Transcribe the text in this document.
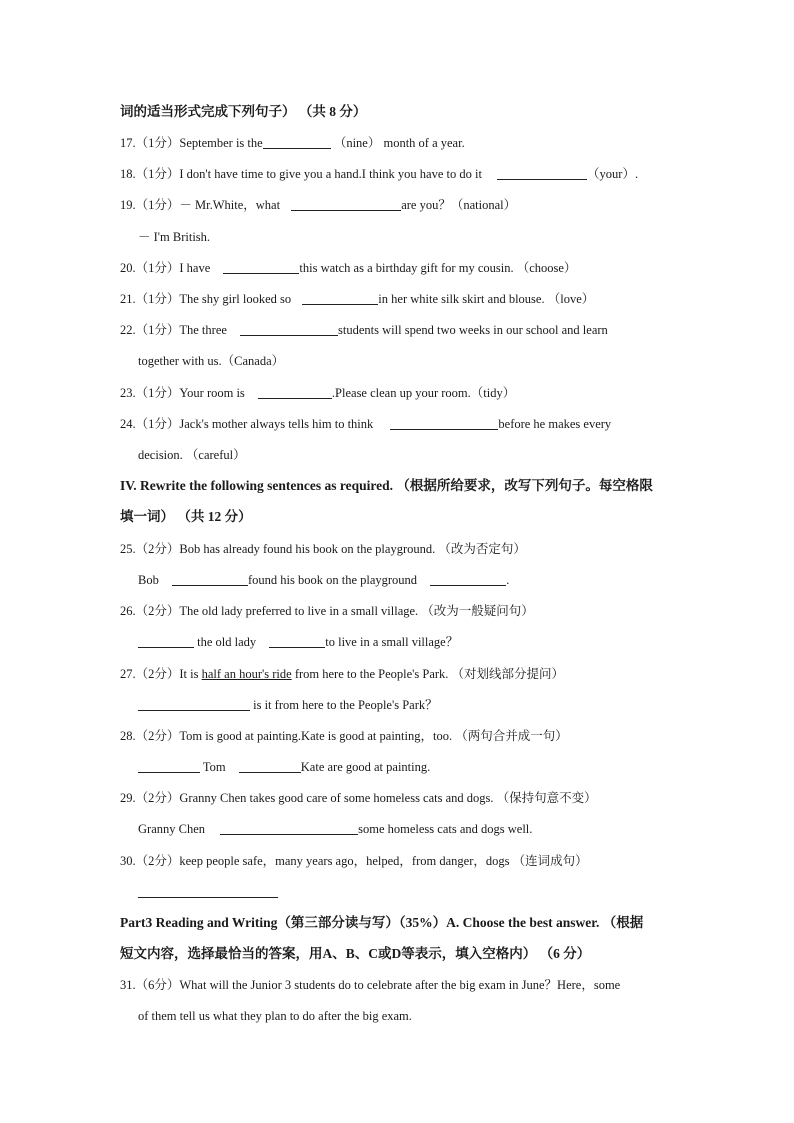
词的适当形式完成下列句子） （共 8 分）
17.（1分）September is the	（nine） month of a year.
18.（1分）I don't have time to give you a hand.I think you have to do it	（your）.
19.（1分）－ Mr.White，what	are you？（national）
－ I'm British.
20.（1分）I have	this watch as a birthday gift for my cousin. （choose）
21.（1分）The shy girl looked so	in her white silk skirt and blouse. （love）
22.（1分）The three	students will spend two weeks in our school and learn
together with us.（Canada）
23.（1分）Your room is	.Please clean up your room.（tidy）
24.（1分）Jack's mother always tells him to think	before he makes every
decision. （careful）
IV. Rewrite the following sentences as required. （根据所给要求，改写下列句子。每空格限
填一词） （共 12 分）
25.（2分）Bob has already found his book on the playground. （改为否定句）
Bob	found his book on the playground	.
26.（2分）The old lady preferred to live in a small village. （改为一般疑问句）
the old lady	to live in a small village？
27.（2分）It is half an hour's ride from here to the People's Park. （对划线部分提问）
is it from here to the People's Park？
28.（2分）Tom is good at painting.Kate is good at painting，too. （两句合并成一句）
Tom	Kate are good at painting.
29.（2分）Granny Chen takes good care of some homeless cats and dogs. （保持句意不变）
Granny Chen	some homeless cats and dogs well.
30.（2分）keep people safe，many years ago，helped，from danger，dogs （连词成句）
Part3 Reading and Writing（第三部分读与写）（35%）A. Choose the best answer. （根据
短文内容，选择最恰当的答案，用A、B、C或D等表示，填入空格内） （6 分）
31.（6分）What will the Junior 3 students do to celebrate after the big exam in June？Here，some
of them tell us what they plan to do after the big exam.
